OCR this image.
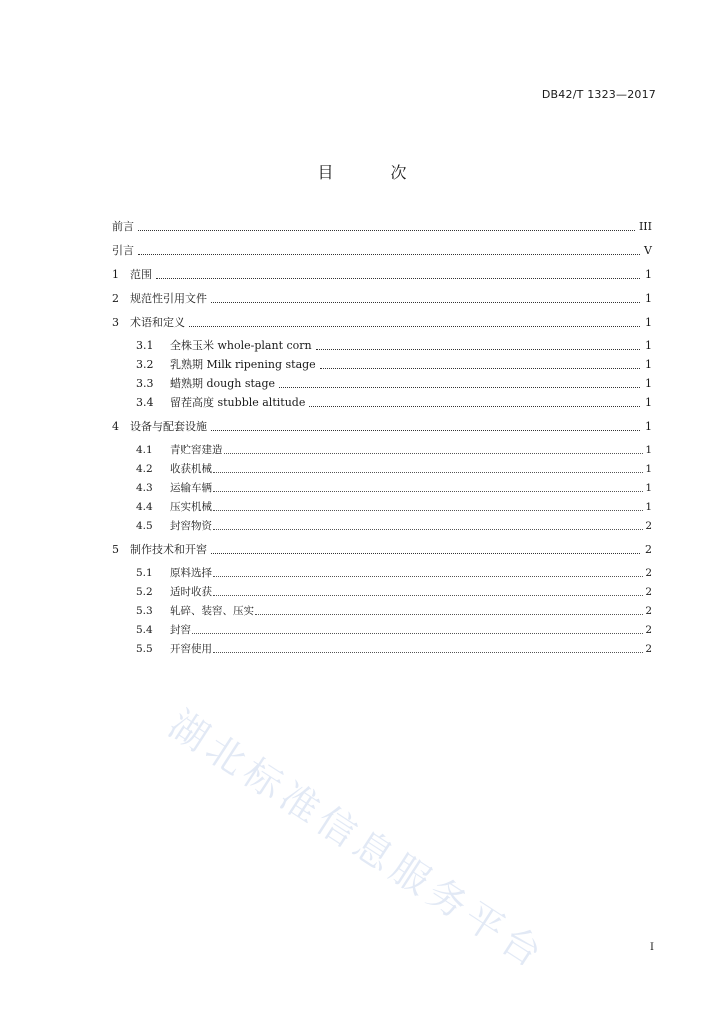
DB42/T 1323—2017
目 次
前言	III
引言	V
1	范围	1
2	规范性引用文件	1
3	术语和定义	1
3.1	全株玉米 whole-plant corn	1
3.2	乳熟期 Milk ripening stage	1
3.3	蜡熟期 dough stage	1
3.4	留茬高度 stubble altitude	1
4	设备与配套设施	1
4.1	青贮窖建造	1
4.2	收获机械	1
4.3	运输车辆	1
4.4	压实机械	1
4.5	封窖物资	2
5	制作技术和开窖	2
5.1	原料选择	2
5.2	适时收获	2
5.3	轧碎、装窖、压实	2
5.4	封窖	2
5.5	开窖使用	2
湖北标准信息服务平台	I
